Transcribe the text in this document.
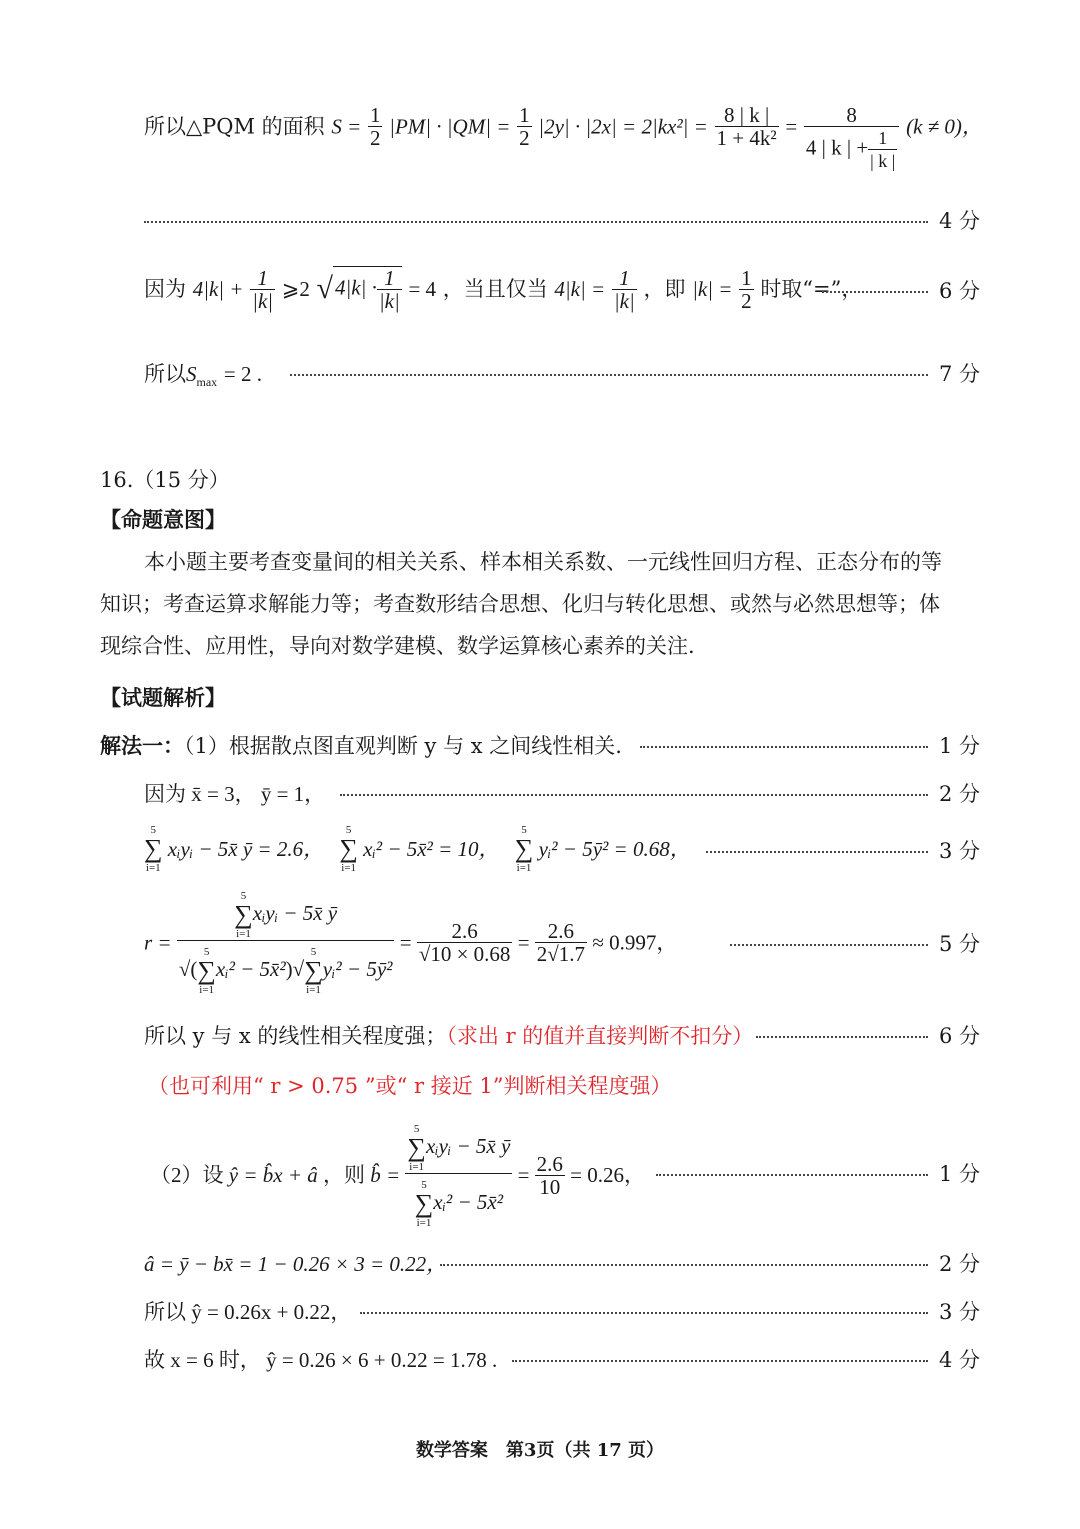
所以△PQM 的面积 $S = \frac{1}{2} |PM| \cdot |QM| = \frac{1}{2} |2y| \cdot |2x| = 2|kx^2| = \frac{8 | k |}{\text{1 + 4k²}} = \frac{8}{4 | k | + \frac{1}{| k |}} (k \ne 0)$，
4 分
因为 $4|k| + \frac{1}{|k|}$ ⩾2 $√4|k| \cdot \frac{1}{|k|} = 4$ ，当且仅当 $4|k| = \frac{1}{|k|}$ ，即 $|k| = \frac{1}{2}$ 时取“=”，	6 分
所以$S_{max} = 2$ .	7 分
16.（15 分）
【命题意图】
本小题主要考查变量间的相关关系、样本相关系数、一元线性回归方程、正态分布的等
知识；考查运算求解能力等；考查数形结合思想、化归与转化思想、或然与必然思想等；体
现综合性、应用性，导向对数学建模、数学运算核心素养的关注.
【试题解析】
解法一：（1）根据散点图直观判断 y 与 x 之间线性相关.	1 分
因为 x̄ = 3， ȳ = 1，	2 分
5
∑
i=1
xᵢyᵢ − 5x̄ ȳ = 2.6，
5
∑
i=1
xᵢ² − 5x̄² = 10，
5
∑
i=1
yᵢ² − 5ȳ² = 0.68，	3 分
r = 5
∑
i=1
xᵢyᵢ − 5x̄ ȳ
√(
5
∑
i=1
xᵢ² − 5x̄²)√
5
∑
i=1
yᵢ² − 5ȳ² = $\frac{2.6}{√10 \times 0.68} = \frac{2.6}{2√1.7} \approx 0.997$，	5 分
所以 y 与 x 的线性相关程度强；（求出 r 的值并直接判断不扣分）	6 分
（也可利用“ r > 0.75 ”或“ r 接近 1”判断相关程度强）
（2）设 ŷ = b̂x + â ，则 b̂ = 5
∑
i=1
xᵢyᵢ − 5x̄ ȳ
5
∑
i=1
xᵢ² − 5x̄² = $\frac{2.6}{10} = 0.26$，	1 分
â = ȳ − bx̄ = 1 − 0.26 × 3 = 0.22，	2 分
所以 ŷ = 0.26x + 0.22，	3 分
故 x = 6 时， ŷ = 0.26 × 6 + 0.22 = 1.78 .	4 分
数学答案　第3页（共 17 页）
